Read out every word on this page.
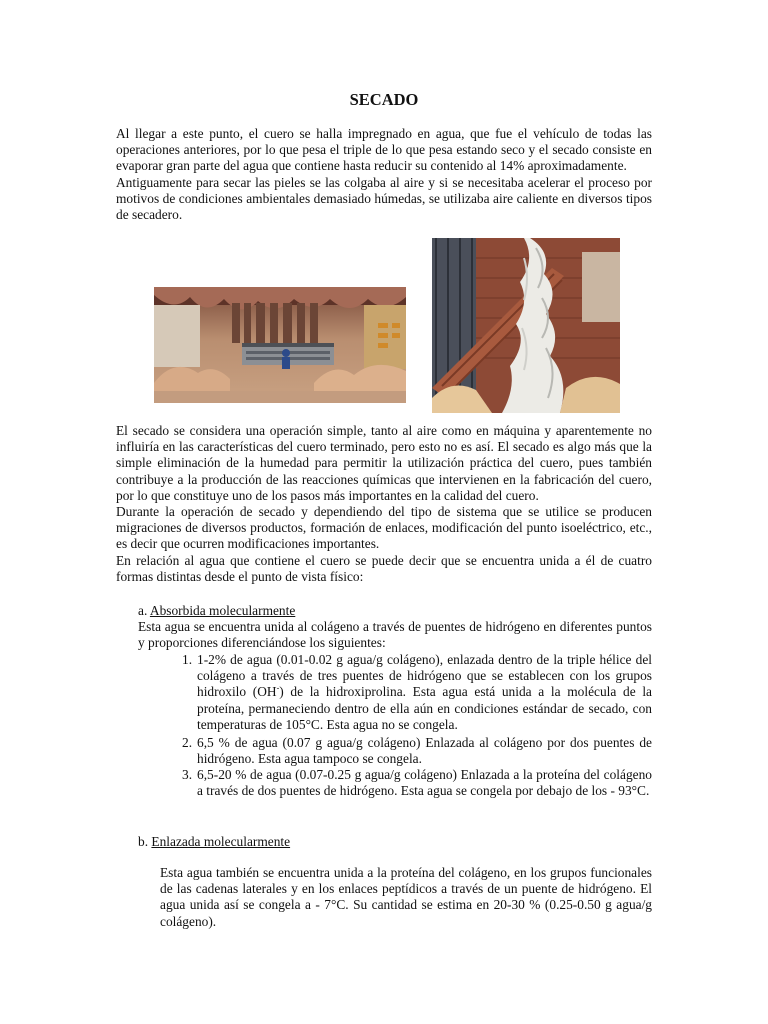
SECADO

Al llegar a este punto, el cuero se halla impregnado en agua, que fue el vehículo de todas las operaciones anteriores, por lo que pesa el triple de lo que pesa estando seco y el secado consiste en evaporar gran parte del agua que contiene hasta reducir su contenido al 14% aproximadamente.

Antiguamente para secar las pieles se las colgaba al aire y si se necesitaba acelerar el proceso por motivos de condiciones ambientales demasiado húmedas, se utilizaba aire caliente en diversos tipos de secadero.

El secado se considera una operación simple, tanto al aire como en máquina y aparentemente no influiría en las características del cuero terminado, pero esto no es así. El secado es algo más que la simple eliminación de la humedad para permitir la utilización práctica del cuero, pues también contribuye a la producción de las reacciones químicas que intervienen en la fabricación del cuero, por lo que constituye uno de los pasos más importantes en la calidad del cuero.

Durante la operación de secado y dependiendo del tipo de sistema que se utilice se producen migraciones de diversos productos, formación de enlaces, modificación del punto isoeléctrico, etc., es decir que ocurren modificaciones importantes.

En relación al agua que contiene el cuero se puede decir que se encuentra unida a él de cuatro formas distintas desde el punto de vista físico:

a. Absorbida molecularmente
Esta agua se encuentra unida al colágeno a través de puentes de hidrógeno en diferentes puntos y proporciones diferenciándose los siguientes:
1. 1-2% de agua (0.01-0.02 g agua/g colágeno), enlazada dentro de la triple hélice del colágeno a través de tres puentes de hidrógeno que se establecen con los grupos hidroxilo (OH-) de la hidroxiprolina. Esta agua está unida a la molécula de la proteína, permaneciendo dentro de ella aún en condiciones estándar de secado, con temperaturas de 105°C. Esta agua no se congela.
2. 6,5 % de agua (0.07 g agua/g colágeno) Enlazada al colágeno por dos puentes de hidrógeno. Esta agua tampoco se congela.
3. 6,5-20 % de agua (0.07-0.25 g agua/g colágeno) Enlazada a la proteína del colágeno a través de dos puentes de hidrógeno. Esta agua se congela por debajo de los - 93°C.
b. Enlazada molecularmente
Esta agua también se encuentra unida a la proteína del colágeno, en los grupos funcionales de las cadenas laterales y en los enlaces peptídicos a través de un puente de hidrógeno. El agua unida así se congela a - 7°C. Su cantidad se estima en 20-30 % (0.25-0.50 g agua/g colágeno).
